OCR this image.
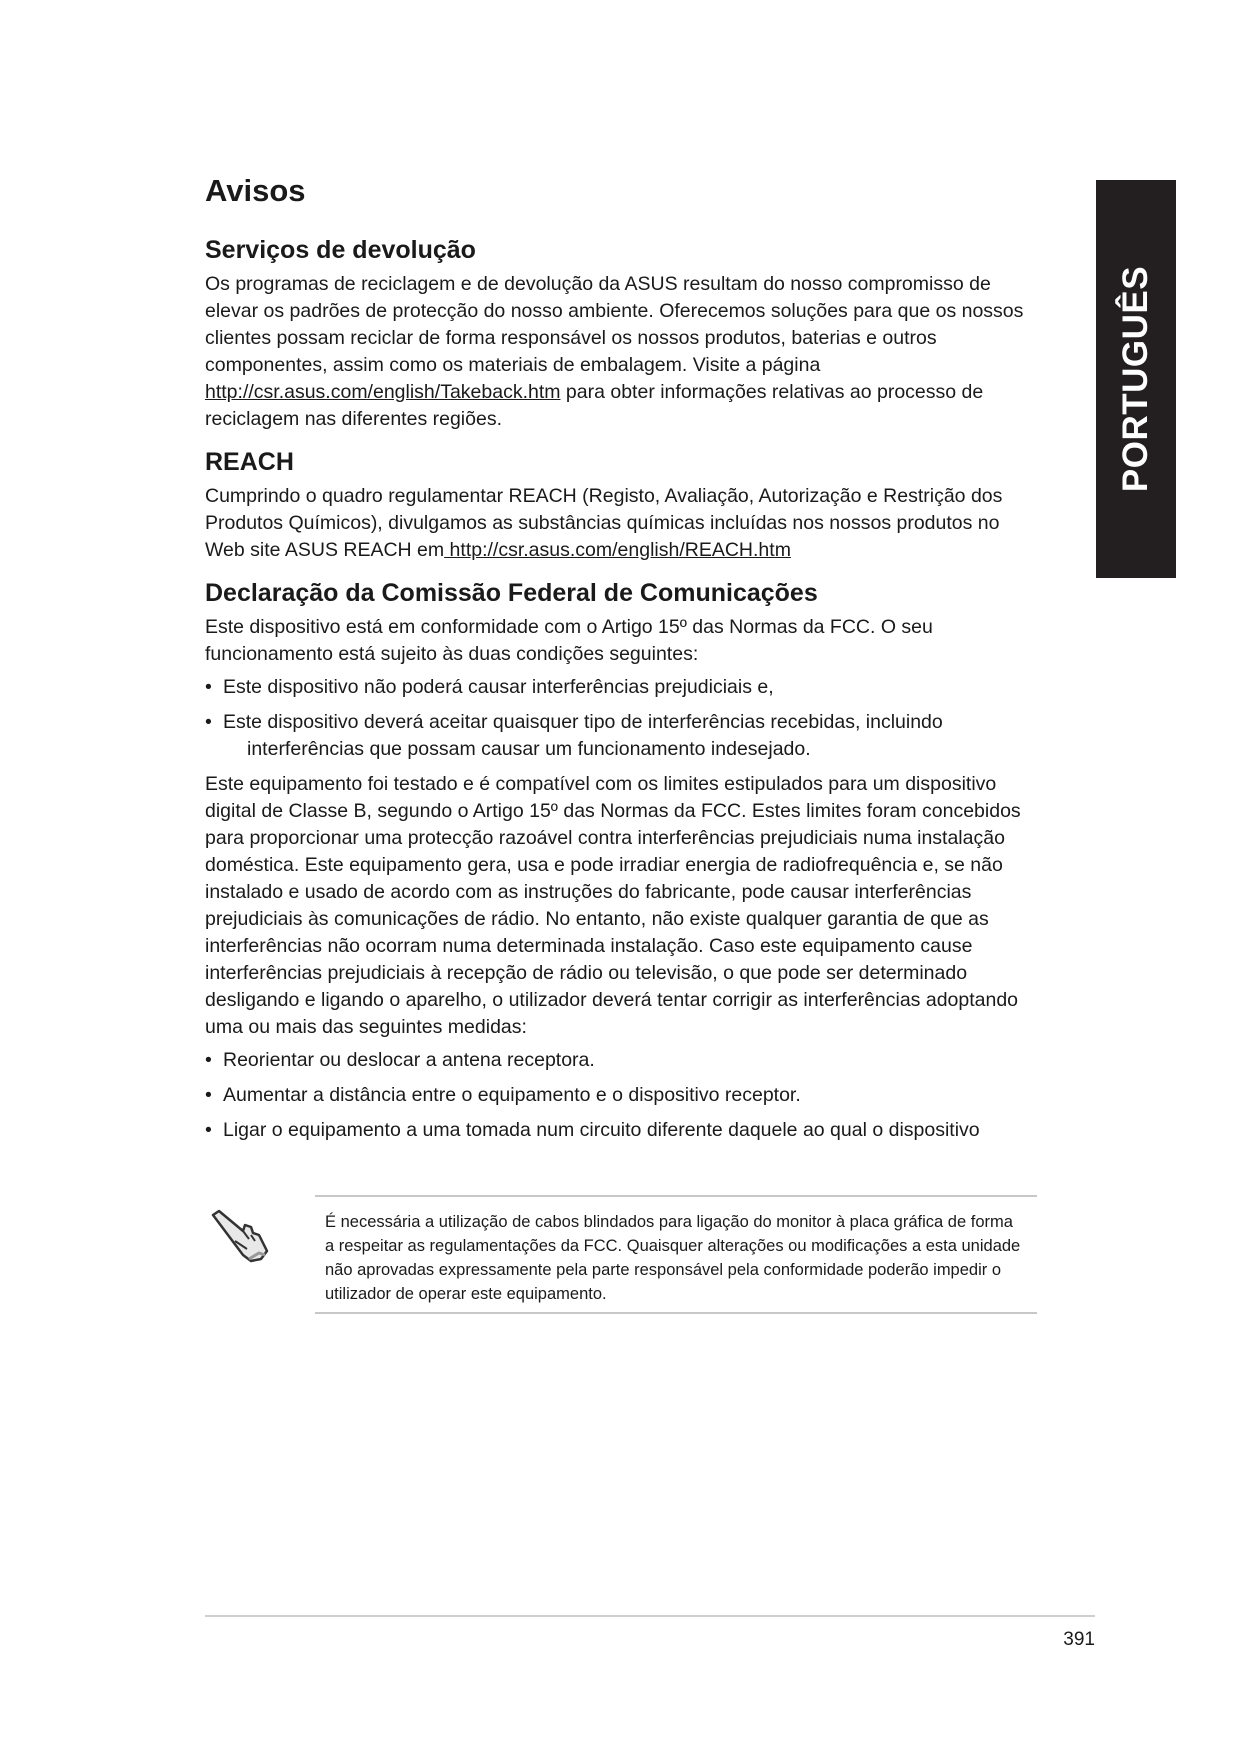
Avisos
Serviços de devolução

Os programas de reciclagem e de devolução da ASUS resultam do nosso compromisso de elevar os padrões de protecção do nosso ambiente. Oferecemos soluções para que os nossos clientes possam reciclar de forma responsável os nossos produtos, baterias e outros componentes, assim como os materiais de embalagem. Visite a página http://csr.asus.com/english/Takeback.htm para obter informações relativas ao processo de reciclagem nas diferentes regiões.

REACH

Cumprindo o quadro regulamentar REACH (Registo, Avaliação, Autorização e Restrição dos Produtos Químicos), divulgamos as substâncias químicas incluídas nos nossos produtos no Web site ASUS REACH em http://csr.asus.com/english/REACH.htm

Declaração da Comissão Federal de Comunicações

Este dispositivo está em conformidade com o Artigo 15º das Normas da FCC. O seu funcionamento está sujeito às duas condições seguintes:

• Este dispositivo não poderá causar interferências prejudiciais e,
• Este dispositivo deverá aceitar quaisquer tipo de interferências recebidas, incluindo
interferências que possam causar um funcionamento indesejado.

Este equipamento foi testado e é compatível com os limites estipulados para um dispositivo digital de Classe B, segundo o Artigo 15º das Normas da FCC. Estes limites foram concebidos para proporcionar uma protecção razoável contra interferências prejudiciais numa instalação doméstica. Este equipamento gera, usa e pode irradiar energia de radiofrequência e, se não instalado e usado de acordo com as instruções do fabricante, pode causar interferências prejudiciais às comunicações de rádio. No entanto, não existe qualquer garantia de que as interferências não ocorram numa determinada instalação. Caso este equipamento cause interferências prejudiciais à recepção de rádio ou televisão, o que pode ser determinado desligando e ligando o aparelho, o utilizador deverá tentar corrigir as interferências adoptando uma ou mais das seguintes medidas:

• Reorientar ou deslocar a antena receptora.
• Aumentar a distância entre o equipamento e o dispositivo receptor.
• Ligar o equipamento a uma tomada num circuito diferente daquele ao qual o dispositivo
PORTUGUÊS
É necessária a utilização de cabos blindados para ligação do monitor à placa gráfica de forma a respeitar as regulamentações da FCC. Quaisquer alterações ou modificações a esta unidade não aprovadas expressamente pela parte responsável pela conformidade poderão impedir o utilizador de operar este equipamento.
391
